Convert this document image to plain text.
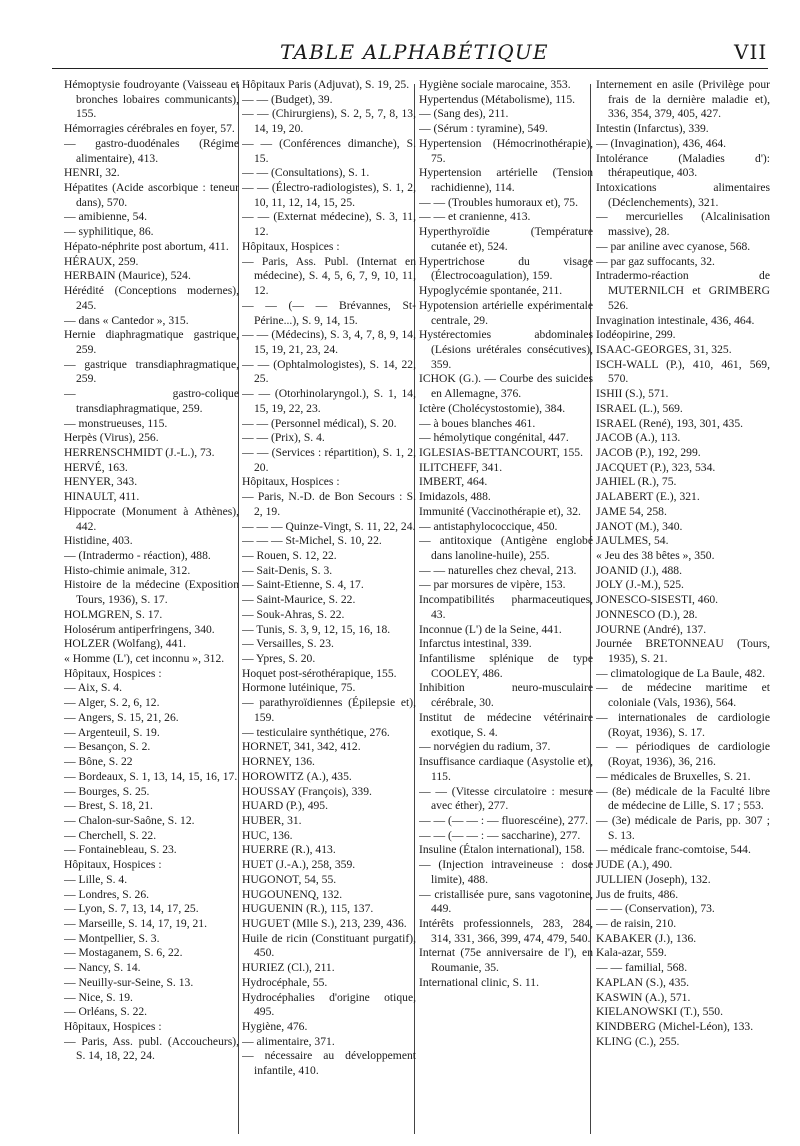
TABLE ALPHABÉTIQUE	VII

Hémoptysie foudroyante (Vaisseau et bronches lobaires communicants), 155.

Hémorragies cérébrales en foyer, 57.

— gastro-duodénales (Régime alimentaire), 413.

HENRI, 32.

Hépatites (Acide ascorbique : teneur dans), 570.

— amibienne, 54.

— syphilitique, 86.

Hépato-néphrite post abortum, 411.

HÉRAUX, 259.

HERBAIN (Maurice), 524.

Hérédité (Conceptions modernes), 245.

— dans « Cantedor », 315.

Hernie diaphragmatique gastrique, 259.

— gastrique transdiaphragmatique, 259.

— gastro-colique transdiaphragmatique, 259.

— monstrueuses, 115.

Herpès (Virus), 256.

HERRENSCHMIDT (J.-L.), 73.

HERVÉ, 163.

HENYER, 343.

HINAULT, 411.

Hippocrate (Monument à Athènes), 442.

Histidine, 403.

— (Intradermo - réaction), 488.

Histo-chimie animale, 312.

Histoire de la médecine (Exposition Tours, 1936), S. 17.

HOLMGREN, S. 17.

Holosérum antiperfringens, 340.

HOLZER (Wolfang), 441.

« Homme (L'), cet inconnu », 312.

Hôpitaux, Hospices :

— Aix, S. 4.

— Alger, S. 2, 6, 12.

— Angers, S. 15, 21, 26.

— Argenteuil, S. 19.

— Besançon, S. 2.

— Bône, S. 22

— Bordeaux, S. 1, 13, 14, 15, 16, 17.

— Bourges, S. 25.

— Brest, S. 18, 21.

— Chalon-sur-Saône, S. 12.

— Cherchell, S. 22.

— Fontainebleau, S. 23.

Hôpitaux, Hospices :

— Lille, S. 4.

— Londres, S. 26.

— Lyon, S. 7, 13, 14, 17, 25.

— Marseille, S. 14, 17, 19, 21.

— Montpellier, S. 3.

— Mostaganem, S. 6, 22.

— Nancy, S. 14.

— Neuilly-sur-Seine, S. 13.

— Nice, S. 19.

— Orléans, S. 22.

Hôpitaux, Hospices :

— Paris, Ass. publ. (Accoucheurs), S. 14, 18, 22, 24.

Hôpitaux Paris (Adjuvat), S. 19, 25.

— — (Budget), 39.

— — (Chirurgiens), S. 2, 5, 7, 8, 13, 14, 19, 20.

— — (Conférences dimanche), S. 15.

— — (Consultations), S. 1.

— — (Électro-radiologistes), S. 1, 2, 10, 11, 12, 14, 15, 25.

— — (Externat médecine), S. 3, 11, 12.

Hôpitaux, Hospices :

— Paris, Ass. Publ. (Internat en médecine), S. 4, 5, 6, 7, 9, 10, 11, 12.

— — (— — Brévannes, St-Périne...), S. 9, 14, 15.

— — (Médecins), S. 3, 4, 7, 8, 9, 14, 15, 19, 21, 23, 24.

— — (Ophtalmologistes), S. 14, 22, 25.

— — (Otorhinolaryngol.), S. 1, 14, 15, 19, 22, 23.

— — (Personnel médical), S. 20.

— — (Prix), S. 4.

— — (Services : répartition), S. 1, 2, 20.

Hôpitaux, Hospices :

— Paris, N.-D. de Bon Secours : S. 2, 19.

— — — Quinze-Vingt, S. 11, 22, 24.

— — — St-Michel, S. 10, 22.

— Rouen, S. 12, 22.

— Sait-Denis, S. 3.

— Saint-Etienne, S. 4, 17.

— Saint-Maurice, S. 22.

— Souk-Ahras, S. 22.

— Tunis, S. 3, 9, 12, 15, 16, 18.

— Versailles, S. 23.

— Ypres, S. 20.

Hoquet post-sérothérapique, 155.

Hormone lutéinique, 75.

— parathyroïdiennes (Épilepsie et), 159.

— testiculaire synthétique, 276.

HORNET, 341, 342, 412.

HORNEY, 136.

HOROWITZ (A.), 435.

HOUSSAY (François), 339.

HUARD (P.), 495.

HUBER, 31.

HUC, 136.

HUERRE (R.), 413.

HUET (J.-A.), 258, 359.

HUGONOT, 54, 55.

HUGOUNENQ, 132.

HUGUENIN (R.), 115, 137.

HUGUET (Mlle S.), 213, 239, 436.

Huile de ricin (Constituant purgatif), 450.

HURIEZ (Cl.), 211.

Hydrocéphale, 55.

Hydrocéphalies d'origine otique, 495.

Hygiène, 476.

— alimentaire, 371.

— nécessaire au développement infantile, 410.

Hygiène sociale marocaine, 353.

Hypertendus (Métabolisme), 115.

— (Sang des), 211.

— (Sérum : tyramine), 549.

Hypertension (Hémocrinothérapie), 75.

Hypertension artérielle (Tension rachidienne), 114.

— — (Troubles humoraux et), 75.

— — et cranienne, 413.

Hyperthyroïdie (Température cutanée et), 524.

Hypertrichose du visage (Électrocoagulation), 159.

Hypoglycémie spontanée, 211.

Hypotension artérielle expérimentale centrale, 29.

Hystérectomies abdominales (Lésions urétérales consécutives), 359.

ICHOK (G.). — Courbe des suicides en Allemagne, 376.

Ictère (Cholécystostomie), 384.

— à boues blanches 461.

— hémolytique congénital, 447.

IGLESIAS-BETTANCOURT, 155.

ILITCHEFF, 341.

IMBERT, 464.

Imidazols, 488.

Immunité (Vaccinothérapie et), 32.

— antistaphylococcique, 450.

— antitoxique (Antigène englobé dans lanoline-huile), 255.

— — naturelles chez cheval, 213.

— par morsures de vipère, 153.

Incompatibilités pharmaceutiques, 43.

Inconnue (L') de la Seine, 441.

Infarctus intestinal, 339.

Infantilisme splénique de type COOLEY, 486.

Inhibition neuro-musculaire cérébrale, 30.

Institut de médecine vétérinaire exotique, S. 4.

— norvégien du radium, 37.

Insuffisance cardiaque (Asystolie et), 115.

— — (Vitesse circulatoire : mesure avec éther), 277.

— — (— — : — fluorescéine), 277.

— — (— — : — saccharine), 277.

Insuline (Étalon international), 158.

— (Injection intraveineuse : dose limite), 488.

— cristallisée pure, sans vagotonine, 449.

Intérêts professionnels, 283, 284, 314, 331, 366, 399, 474, 479, 540.

Internat (75e anniversaire de l'), en Roumanie, 35.

International clinic, S. 11.

Internement en asile (Privilège pour frais de la dernière maladie et), 336, 354, 379, 405, 427.

Intestin (Infarctus), 339.

— (Invagination), 436, 464.

Intolérance (Maladies d'): thérapeutique, 403.

Intoxications alimentaires (Déclenchements), 321.

— mercurielles (Alcalinisation massive), 28.

— par aniline avec cyanose, 568.

— par gaz suffocants, 32.

Intradermo-réaction de MUTERNILCH et GRIMBERG 526.

Invagination intestinale, 436, 464.

Iodéopirine, 299.

ISAAC-GEORGES, 31, 325.

ISCH-WALL (P.), 410, 461, 569, 570.

ISHII (S.), 571.

ISRAEL (L.), 569.

ISRAEL (René), 193, 301, 435.

JACOB (A.), 113.

JACOB (P.), 192, 299.

JACQUET (P.), 323, 534.

JAHIEL (R.), 75.

JALABERT (E.), 321.

JAME 54, 258.

JANOT (M.), 340.

JAULMES, 54.

« Jeu des 38 bêtes », 350.

JOANID (J.), 488.

JOLY (J.-M.), 525.

JONESCO-SISESTI, 460.

JONNESCO (D.), 28.

JOURNE (André), 137.

Journée BRETONNEAU (Tours, 1935), S. 21.

— climatologique de La Baule, 482.

— de médecine maritime et coloniale (Vals, 1936), 564.

— internationales de cardiologie (Royat, 1936), S. 17.

— — périodiques de cardiologie (Royat, 1936), 36, 216.

— médicales de Bruxelles, S. 21.

— (8e) médicale de la Faculté libre de médecine de Lille, S. 17 ; 553.

— (3e) médicale de Paris, pp. 307 ; S. 13.

— médicale franc-comtoise, 544.

JUDE (A.), 490.

JULLIEN (Joseph), 132.

Jus de fruits, 486.

— — (Conservation), 73.

— de raisin, 210.

KABAKER (J.), 136.

Kala-azar, 559.

— — familial, 568.

KAPLAN (S.), 435.

KASWIN (A.), 571.

KIELANOWSKI (T.), 550.

KINDBERG (Michel-Léon), 133.

KLING (C.), 255.
